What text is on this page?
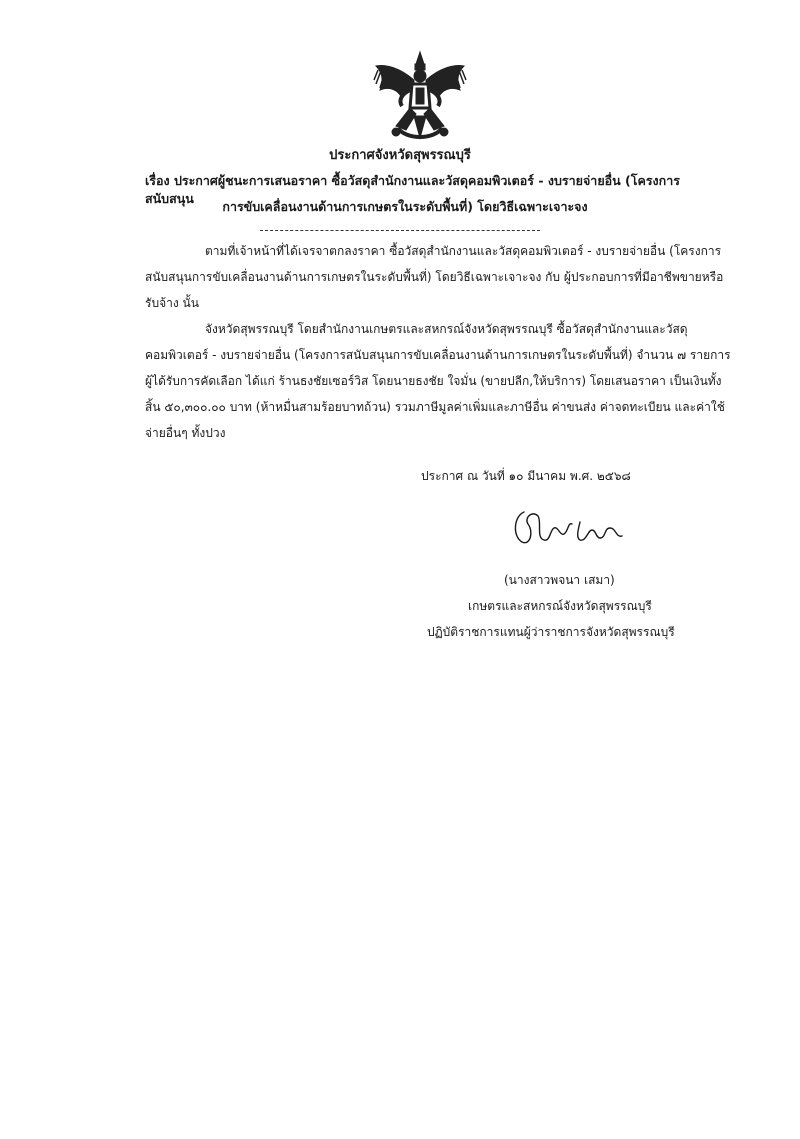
ประกาศจังหวัดสุพรรณบุรี
เรื่อง ประกาศผู้ชนะการเสนอราคา ซื้อวัสดุสำนักงานและวัสดุคอมพิวเตอร์ - งบรายจ่ายอื่น (โครงการสนับสนุน
การขับเคลื่อนงานด้านการเกษตรในระดับพื้นที่) โดยวิธีเฉพาะเจาะจง
ตามที่เจ้าหน้าที่ได้เจรจาตกลงราคา ซื้อวัสดุสำนักงานและวัสดุคอมพิวเตอร์ - งบรายจ่ายอื่น (โครงการ
สนับสนุนการขับเคลื่อนงานด้านการเกษตรในระดับพื้นที่) โดยวิธีเฉพาะเจาะจง กับ ผู้ประกอบการที่มีอาชีพขายหรือ
รับจ้าง นั้น
จังหวัดสุพรรณบุรี โดยสำนักงานเกษตรและสหกรณ์จังหวัดสุพรรณบุรี ซื้อวัสดุสำนักงานและวัสดุ
คอมพิวเตอร์ - งบรายจ่ายอื่น (โครงการสนับสนุนการขับเคลื่อนงานด้านการเกษตรในระดับพื้นที่) จำนวน ๗ รายการ
ผู้ได้รับการคัดเลือก ได้แก่ ร้านธงชัยเซอร์วิส โดยนายธงชัย ใจมั่น (ขายปลีก,ให้บริการ) โดยเสนอราคา เป็นเงินทั้ง
สิ้น ๕๐,๓๐๐.๐๐ บาท (ห้าหมื่นสามร้อยบาทถ้วน) รวมภาษีมูลค่าเพิ่มและภาษีอื่น ค่าขนส่ง ค่าจดทะเบียน และค่าใช้
จ่ายอื่นๆ ทั้งปวง
ประกาศ ณ วันที่ ๑๐ มีนาคม พ.ศ. ๒๕๖๘
(นางสาวพจนา เสมา)
เกษตรและสหกรณ์จังหวัดสุพรรณบุรี
ปฏิบัติราชการแทนผู้ว่าราชการจังหวัดสุพรรณบุรี
